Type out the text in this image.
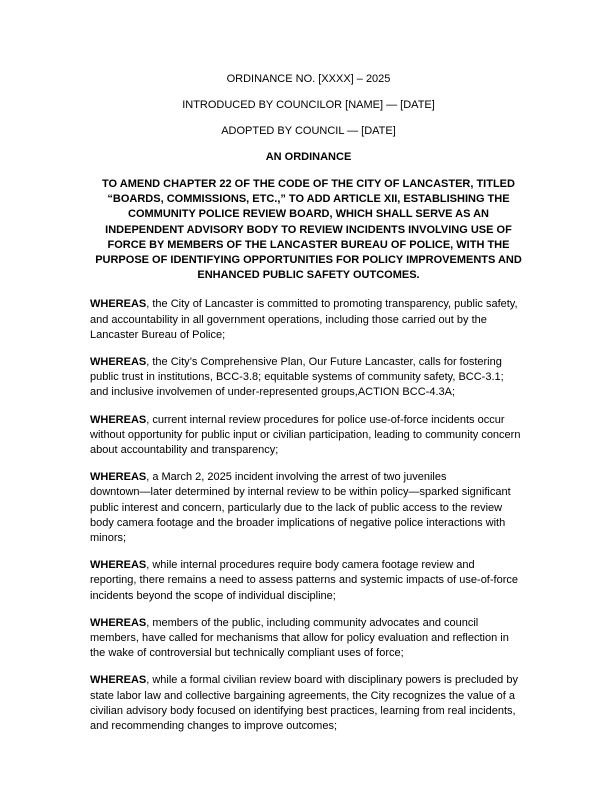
ORDINANCE NO. [XXXX] – 2025

INTRODUCED BY COUNCILOR [NAME] — [DATE]

ADOPTED BY COUNCIL — [DATE]

AN ORDINANCE

TO AMEND CHAPTER 22 OF THE CODE OF THE CITY OF LANCASTER, TITLED
“BOARDS, COMMISSIONS, ETC.,” TO ADD ARTICLE XII, ESTABLISHING THE
COMMUNITY POLICE REVIEW BOARD, WHICH SHALL SERVE AS AN
INDEPENDENT ADVISORY BODY TO REVIEW INCIDENTS INVOLVING USE OF
FORCE BY MEMBERS OF THE LANCASTER BUREAU OF POLICE, WITH THE
PURPOSE OF IDENTIFYING OPPORTUNITIES FOR POLICY IMPROVEMENTS AND
ENHANCED PUBLIC SAFETY OUTCOMES.
WHEREAS, the City of Lancaster is committed to promoting transparency, public safety,
and accountability in all government operations, including those carried out by the
Lancaster Bureau of Police;
WHEREAS, the City’s Comprehensive Plan, Our Future Lancaster, calls for fostering
public trust in institutions, BCC-3.8; equitable systems of community safety, BCC-3.1;
and inclusive involvemen of under-represented groups,ACTION BCC-4.3A;
WHEREAS, current internal review procedures for police use-of-force incidents occur
without opportunity for public input or civilian participation, leading to community concern
about accountability and transparency;
WHEREAS, a March 2, 2025 incident involving the arrest of two juveniles
downtown—later determined by internal review to be within policy—sparked significant
public interest and concern, particularly due to the lack of public access to the review
body camera footage and the broader implications of negative police interactions with
minors;
WHEREAS, while internal procedures require body camera footage review and
reporting, there remains a need to assess patterns and systemic impacts of use-of-force
incidents beyond the scope of individual discipline;
WHEREAS, members of the public, including community advocates and council
members, have called for mechanisms that allow for policy evaluation and reflection in
the wake of controversial but technically compliant uses of force;
WHEREAS, while a formal civilian review board with disciplinary powers is precluded by
state labor law and collective bargaining agreements, the City recognizes the value of a
civilian advisory body focused on identifying best practices, learning from real incidents,
and recommending changes to improve outcomes;
